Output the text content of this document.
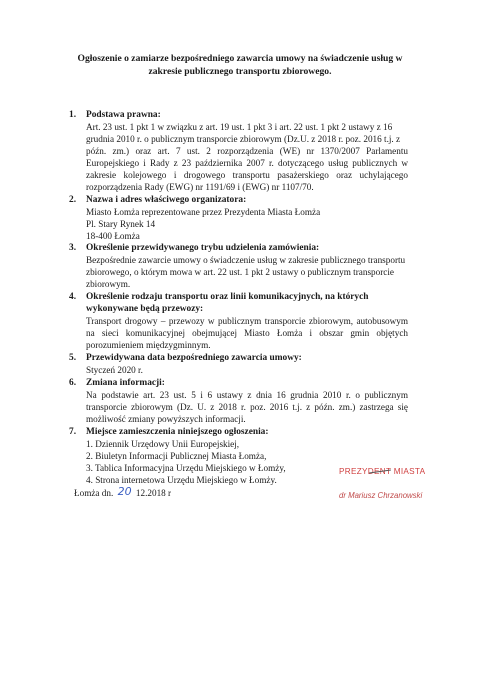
Ogłoszenie o zamiarze bezpośredniego zawarcia umowy na świadczenie usług w
zakresie publicznego transportu zbiorowego.
1. Podstawa prawna:
Art. 23 ust. 1 pkt 1 w związku z art. 19 ust. 1 pkt 3 i art. 22 ust. 1 pkt 2 ustawy z 16
grudnia 2010 r. o publicznym transporcie zbiorowym (Dz.U. z 2018 r. poz. 2016 t.j. z
późn. zm.) oraz art. 7 ust. 2 rozporządzenia (WE) nr 1370/2007 Parlamentu
Europejskiego i Rady z 23 października 2007 r. dotyczącego usług publicznych w
zakresie kolejowego i drogowego transportu pasażerskiego oraz uchylającego
rozporządzenia Rady (EWG) nr 1191/69 i (EWG) nr 1107/70.
2. Nazwa i adres właściwego organizatora:
Miasto Łomża reprezentowane przez Prezydenta Miasta Łomża
Pl. Stary Rynek 14
18-400 Łomża
3. Określenie przewidywanego trybu udzielenia zamówienia:
Bezpośrednie zawarcie umowy o świadczenie usług w zakresie publicznego transportu
zbiorowego, o którym mowa w art. 22 ust. 1 pkt 2 ustawy o publicznym transporcie
zbiorowym.
4. Określenie rodzaju transportu oraz linii komunikacyjnych, na których
wykonywane będą przewozy:
Transport drogowy – przewozy w publicznym transporcie zbiorowym, autobusowym
na sieci komunikacyjnej obejmującej Miasto Łomża i obszar gmin objętych
porozumieniem międzygminnym.
5. Przewidywana data bezpośredniego zawarcia umowy:
Styczeń 2020 r.
6. Zmiana informacji:
Na podstawie art. 23 ust. 5 i 6 ustawy z dnia 16 grudnia 2010 r. o publicznym
transporcie zbiorowym (Dz. U. z 2018 r. poz. 2016 t.j. z późn. zm.) zastrzega się
możliwość zmiany powyższych informacji.
7. Miejsce zamieszczenia niniejszego ogłoszenia:
1. Dziennik Urzędowy Unii Europejskiej,
2. Biuletyn Informacji Publicznej Miasta Łomża,
3. Tablica Informacyjna Urzędu Miejskiego w Łomży,
4. Strona internetowa Urzędu Miejskiego w Łomży.
PREZYDENT MIASTA
dr Mariusz Chrzanowski
Łomża dn. 20 12.2018 r
